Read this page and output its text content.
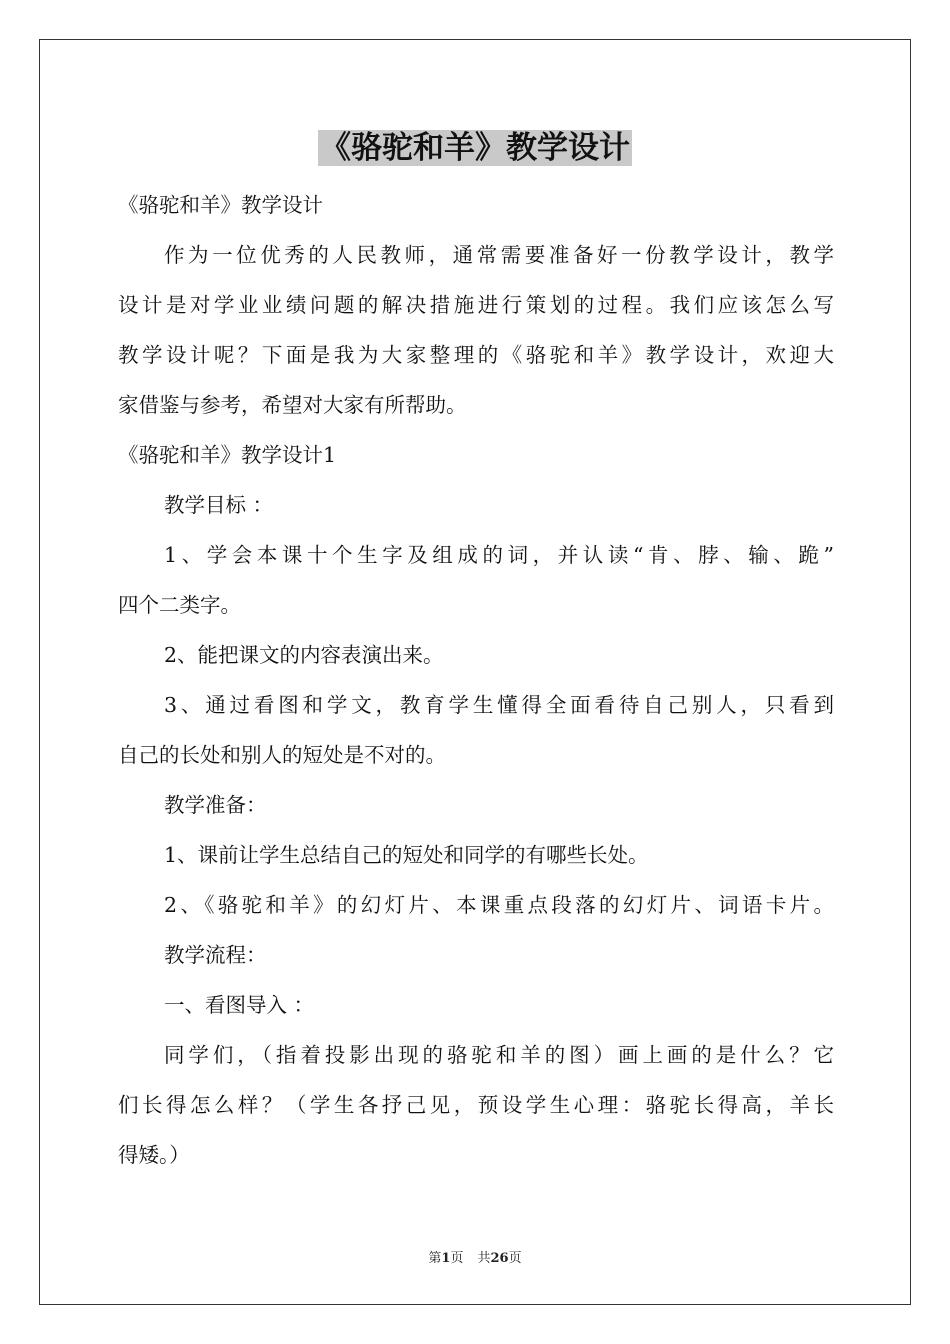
《骆驼和羊》教学设计

《骆驼和羊》教学设计

作为一位优秀的人民教师，通常需要准备好一份教学设计，教学

设计是对学业业绩问题的解决措施进行策划的过程。我们应该怎么写

教学设计呢？下面是我为大家整理的《骆驼和羊》教学设计，欢迎大

家借鉴与参考，希望对大家有所帮助。

《骆驼和羊》教学设计1

教学目标 ：

1、学会本课十个生字及组成的词，并认读“肯、脖、输、跪”

四个二类字。

2、能把课文的内容表演出来。

3、通过看图和学文，教育学生懂得全面看待自己别人，只看到

自己的长处和别人的短处是不对的。

教学准备：

1、课前让学生总结自己的短处和同学的有哪些长处。

2、《骆驼和羊》的幻灯片、本课重点段落的幻灯片、词语卡片。

教学流程：

一、看图导入 ：

同学们，（指着投影出现的骆驼和羊的图）画上画的是什么？它

们长得怎么样？（学生各抒己见，预设学生心理：骆驼长得高，羊长

得矮。）

第1页 共26页
